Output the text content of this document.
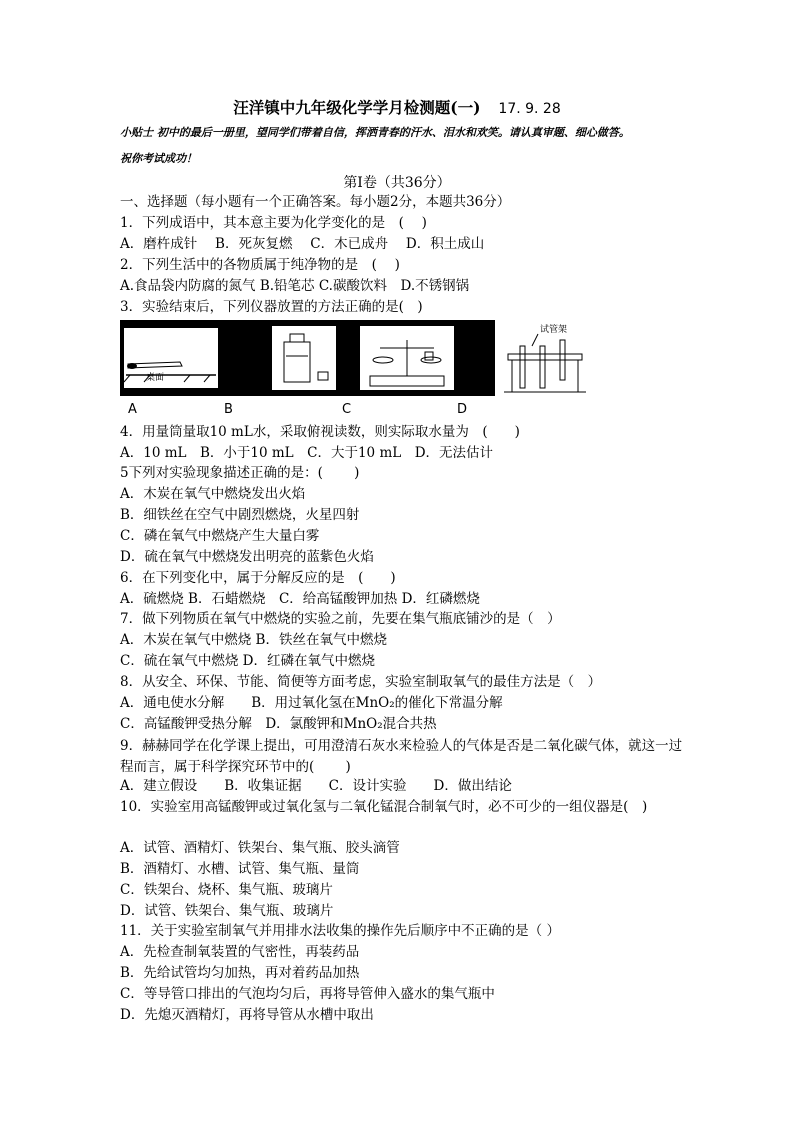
汪洋镇中九年级化学学月检测题(一) 17. 9. 28
小贴士 初中的最后一册里，望同学们带着自信，挥洒青春的汗水、泪水和欢笑。请认真审题、细心做答。
祝你考试成功！
第Ⅰ卷（共36分）
一、选择题（每小题有一个正确答案。每小题2分，本题共36分）
1．下列成语中，其本意主要为化学变化的是　(　 )
A．磨杵成针　 B．死灰复燃　 C．木已成舟　 D．积土成山
2．下列生活中的各物质属于纯净物的是　(　 )
A.食品袋内防腐的氮气 B.铅笔芯 C.碳酸饮料　D.不锈钢锅
3．实验结束后，下列仪器放置的方法正确的是(　)
桌面
试管架
A	B	C	D
4．用量筒量取10 mL水，采取俯视读数，则实际取水量为　(　　)
A．10 mL　B．小于10 mL　C．大于10 mL　D．无法估计
5下列对实验现象描述正确的是：(　　 )
A．木炭在氧气中燃烧发出火焰
B．细铁丝在空气中剧烈燃烧，火星四射
C．磷在氧气中燃烧产生大量白雾
D．硫在氧气中燃烧发出明亮的蓝紫色火焰
6．在下列变化中，属于分解反应的是　(　　)
A．硫燃烧 B．石蜡燃烧　C．给高锰酸钾加热 D．红磷燃烧
7．做下列物质在氧气中燃烧的实验之前，先要在集气瓶底铺沙的是（　）
A．木炭在氧气中燃烧 B．铁丝在氧气中燃烧
C．硫在氧气中燃烧 D．红磷在氧气中燃烧
8．从安全、环保、节能、简便等方面考虑，实验室制取氧气的最佳方法是（　）
A．通电使水分解　　B．用过氧化氢在MnO₂的催化下常温分解
C．高锰酸钾受热分解　D．氯酸钾和MnO₂混合共热
9．赫赫同学在化学课上提出，可用澄清石灰水来检验人的气体是否是二氧化碳气体，就这一过程而言，属于科学探究环节中的(　　 )
A．建立假设　　B．收集证据　　C．设计实验　　D．做出结论
10．实验室用高锰酸钾或过氧化氢与二氧化锰混合制氧气时，必不可少的一组仪器是(　)
A．试管、酒精灯、铁架台、集气瓶、胶头滴管
B．酒精灯、水槽、试管、集气瓶、量筒
C．铁架台、烧杯、集气瓶、玻璃片
D．试管、铁架台、集气瓶、玻璃片
11．关于实验室制氧气并用排水法收集的操作先后顺序中不正确的是（ ）
A．先检查制氧装置的气密性，再装药品
B．先给试管均匀加热，再对着药品加热
C．等导管口排出的气泡均匀后，再将导管伸入盛水的集气瓶中
D．先熄灭酒精灯，再将导管从水槽中取出
